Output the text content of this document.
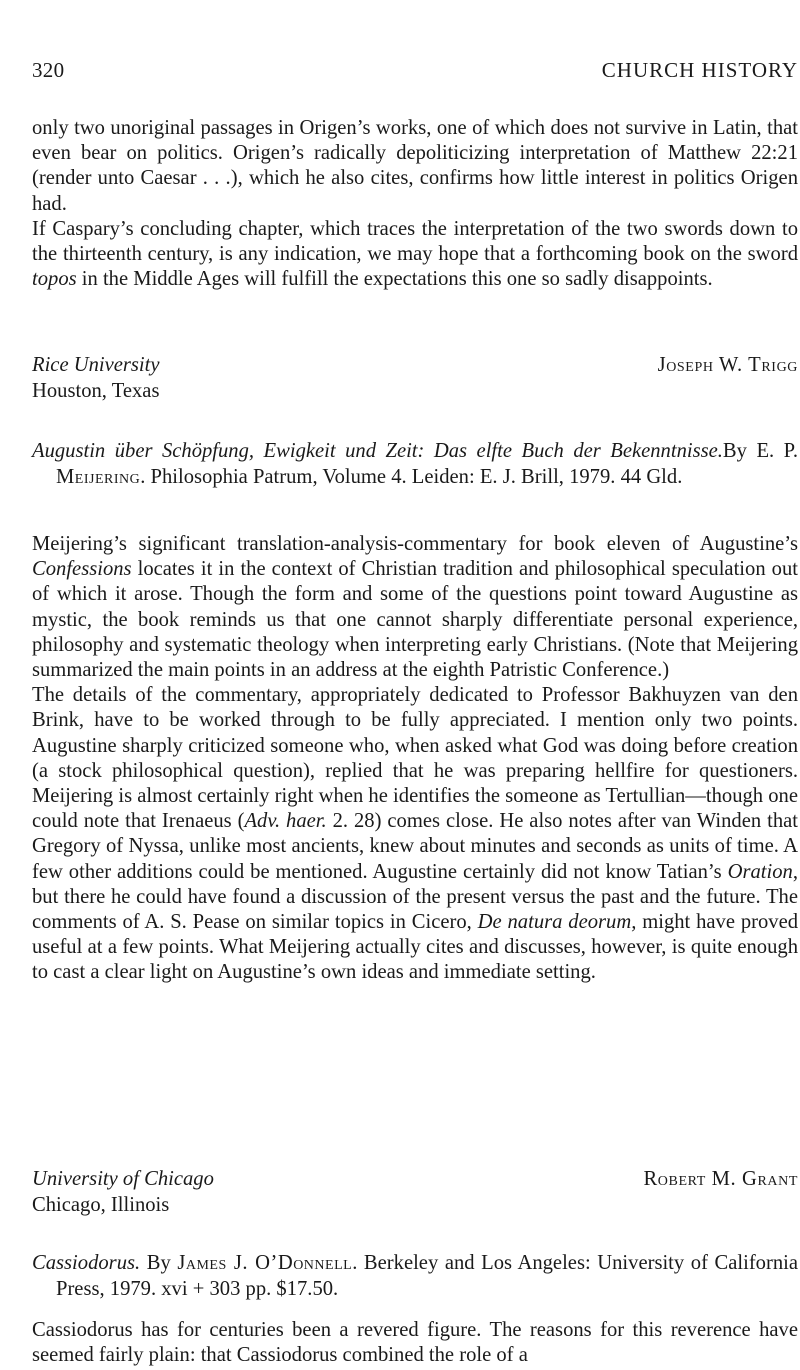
320	CHURCH HISTORY

only two unoriginal passages in Origen’s works, one of which does not survive in Latin, that even bear on politics. Origen’s radically depoliticizing interpretation of Matthew 22:21 (render unto Caesar . . .), which he also cites, confirms how little interest in politics Origen had.

If Caspary’s concluding chapter, which traces the interpretation of the two swords down to the thirteenth century, is any indication, we may hope that a forthcoming book on the sword topos in the Middle Ages will fulfill the expectations this one so sadly disappoints.

Rice University	Joseph W. Trigg
Houston, Texas
Augustin über Schöpfung, Ewigkeit und Zeit: Das elfte Buch der Bekenntnisse.By E. P. Meijering. Philosophia Patrum, Volume 4. Leiden: E. J. Brill, 1979. 44 Gld.

Meijering’s significant translation-analysis-commentary for book eleven of Augustine’s Confessions locates it in the context of Christian tradition and philosophical speculation out of which it arose. Though the form and some of the questions point toward Augustine as mystic, the book reminds us that one cannot sharply differentiate personal experience, philosophy and systematic theology when interpreting early Christians. (Note that Meijering summarized the main points in an address at the eighth Patristic Conference.)

The details of the commentary, appropriately dedicated to Professor Bakhuyzen van den Brink, have to be worked through to be fully appreciated. I mention only two points. Augustine sharply criticized someone who, when asked what God was doing before creation (a stock philosophical question), replied that he was preparing hellfire for questioners. Meijering is almost certainly right when he identifies the someone as Tertullian—though one could note that Irenaeus (Adv. haer. 2. 28) comes close. He also notes after van Winden that Gregory of Nyssa, unlike most ancients, knew about minutes and seconds as units of time. A few other additions could be mentioned. Augustine certainly did not know Tatian’s Oration, but there he could have found a discussion of the present versus the past and the future. The comments of A. S. Pease on similar topics in Cicero, De natura deorum, might have proved useful at a few points. What Meijering actually cites and discusses, however, is quite enough to cast a clear light on Augustine’s own ideas and immediate setting.

University of Chicago	Robert M. Grant
Chicago, Illinois
Cassiodorus. By James J. O’Donnell. Berkeley and Los Angeles: University of California Press, 1979. xvi + 303 pp. $17.50.

Cassiodorus has for centuries been a revered figure. The reasons for this reverence have seemed fairly plain: that Cassiodorus combined the role of a
